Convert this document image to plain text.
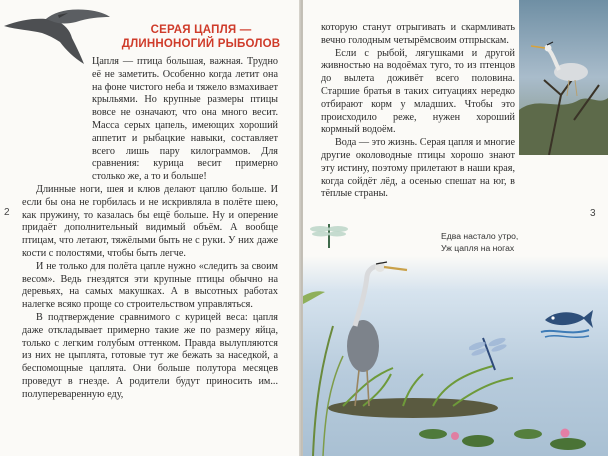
СЕРАЯ ЦАПЛЯ —
ДЛИННОНОГИЙ РЫБОЛОВ

Цапля — птица большая, важная. Трудно её не заметить. Особенно когда летит она на фоне чистого неба и тяжело взмахивает крыльями. Но крупные размеры птицы вовсе не означают, что она много весит. Масса серых цапель, имеющих хороший аппетит и рыбацкие навыки, составляет всего лишь пару килограммов. Для сравнения: курица весит примерно столько же, а то и больше!

Длинные ноги, шея и клюв делают цаплю больше. И если бы она не горбилась и не искривляла в полёте шею, как пружину, то казалась бы ещё больше. Ну и оперение придаёт дополнительный видимый объём. А вообще птицам, что летают, тяжёлыми быть не с руки. У них даже кости с полостями, чтобы быть легче.

И не только для полёта цапле нужно «следить за своим весом». Ведь гнездятся эти крупные птицы обычно на деревьях, на самых макушках. А в высотных работах налегке всяко проще со строительством управляться.

В подтверждение сравнимого с курицей веса: цапля даже откладывает примерно такие же по размеру яйца, только с легким голубым оттенком. Правда вылупляются из них не цыплята, готовые тут же бежать за наседкой, а беспомощные цаплята. Они больше полутора месяцев проведут в гнезде. А родители будут приносить им... полупереваренную еду,

2

которую станут отрыгивать и скармливать вечно голодным четырёмсвоим отпрыскам.

Если с рыбой, лягушками и другой живностью на водоёмах туго, то из птенцов до вылета доживёт всего половина. Старшие братья в таких ситуациях нередко отбирают корм у младших. Чтобы это происходило реже, нужен хороший кормный водоём.

Вода — это жизнь. Серая цапля и многие другие околоводные птицы хорошо знают эту истину, поэтому прилетают в наши края, когда сойдёт лёд, а осенью спешат на юг, в тёплые страны.

3
Едва настало утро,
Уж цапля на ногах
